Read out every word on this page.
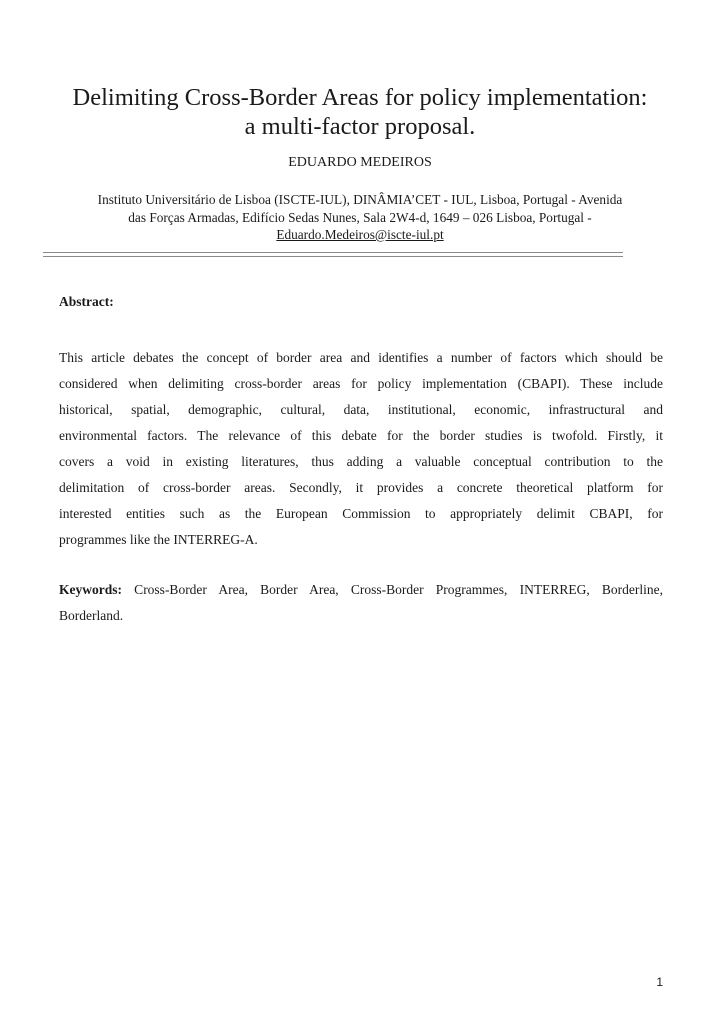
Delimiting Cross-Border Areas for policy implementation:
a multi-factor proposal.
EDUARDO MEDEIROS
Instituto Universitário de Lisboa (ISCTE-IUL), DINÂMIA’CET - IUL, Lisboa, Portugal - Avenida
das Forças Armadas, Edifício Sedas Nunes, Sala 2W4-d, 1649 – 026 Lisboa, Portugal -
Eduardo.Medeiros@iscte-iul.pt
Abstract:
This article debates the concept of border area and identifies a number of factors which should be
considered when delimiting cross-border areas for policy implementation (CBAPI). These include
historical, spatial, demographic, cultural, data, institutional, economic, infrastructural and
environmental factors. The relevance of this debate for the border studies is twofold. Firstly, it
covers a void in existing literatures, thus adding a valuable conceptual contribution to the
delimitation of cross-border areas. Secondly, it provides a concrete theoretical platform for
interested entities such as the European Commission to appropriately delimit CBAPI, for
programmes like the INTERREG-A.
Keywords: Cross-Border Area, Border Area, Cross-Border Programmes, INTERREG, Borderline,
Borderland.
1
